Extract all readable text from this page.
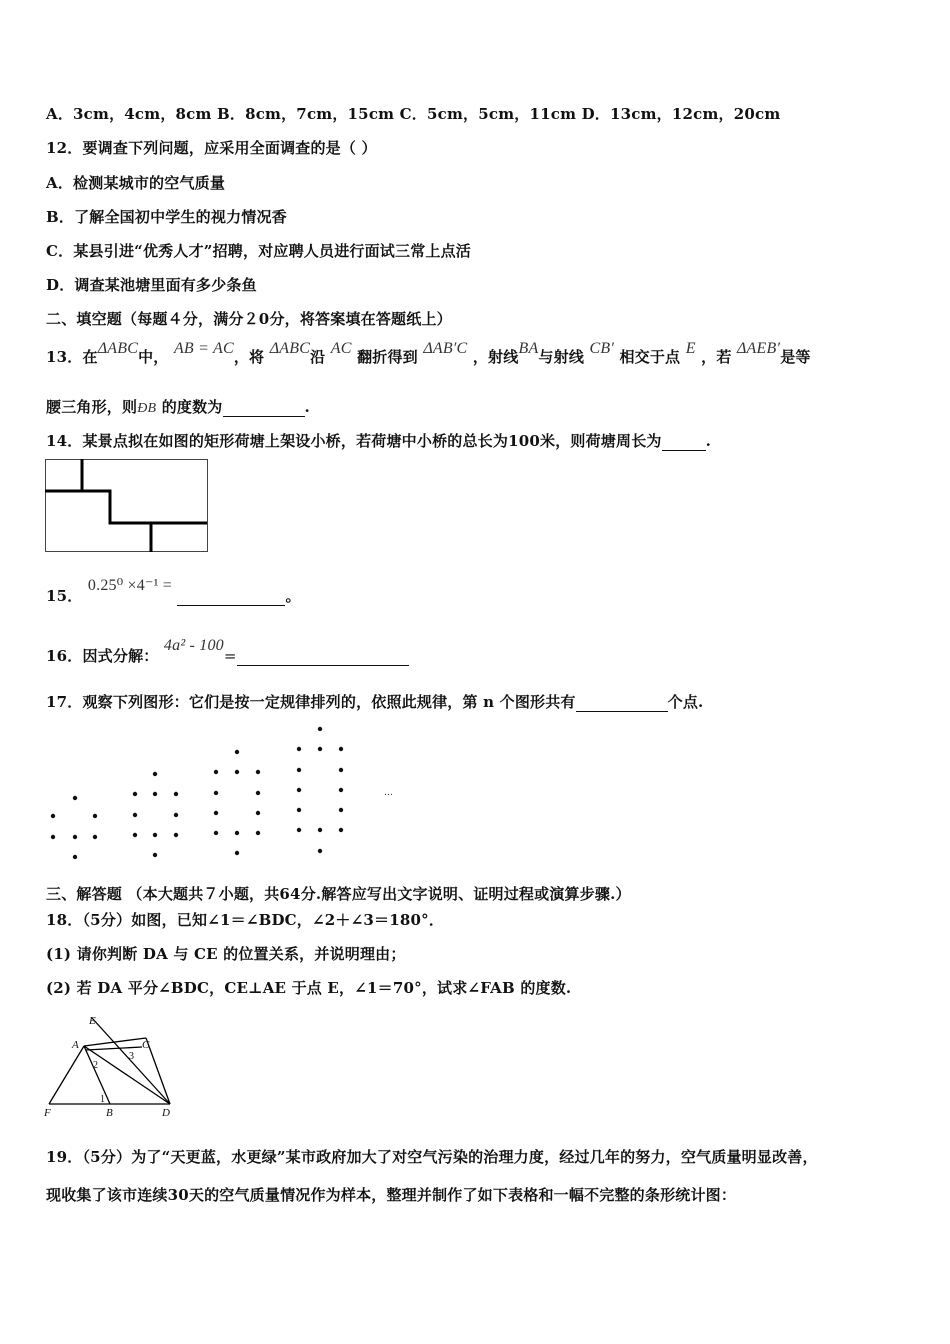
A．3cm，4cm，8cm B．8cm，7cm，15cm C．5cm，5cm，11cm D．13cm，12cm，20cm
12．要调查下列问题，应采用全面调查的是（ ）
A．检测某城市的空气质量
B．了解全国初中学生的视力情况香
C．某县引进“优秀人才”招聘，对应聘人员进行面试三常上点活
D．调查某池塘里面有多少条鱼
二、填空题（每题４分，满分２0分，将答案填在答题纸上）
13．在ΔABC中， AB = AC，将 ΔABC沿 AC 翻折得到 ΔAB′C ，射线BA与射线 CB′ 相交于点 E ，若 ΔAEB′是等
腰三角形，则ÐB 的度数为	.
14．某景点拟在如图的矩形荷塘上架设小桥，若荷塘中小桥的总长为100米，则荷塘周长为	.
15． 0.25⁰ ×4⁻¹ = 。
16．因式分解： 4a² - 100=
17．观察下列图形：它们是按一定规律排列的，依照此规律，第 n 个图形共有	个点.
…
三、解答题 （本大题共７小题，共64分.解答应写出文字说明、证明过程或演算步骤.）
18．（5分）如图，已知∠1＝∠BDC，∠2＋∠3＝180°．
(1) 请你判断 DA 与 CE 的位置关系，并说明理由；
(2) 若 DA 平分∠BDC，CE⊥AE 于点 E，∠1＝70°，试求∠FAB 的度数.
E
A	C
F	B	D
1
2
3
19．（5分）为了“天更蓝，水更绿”某市政府加大了对空气污染的治理力度，经过几年的努力，空气质量明显改善，
现收集了该市连续30天的空气质量情况作为样本，整理并制作了如下表格和一幅不完整的条形统计图：
